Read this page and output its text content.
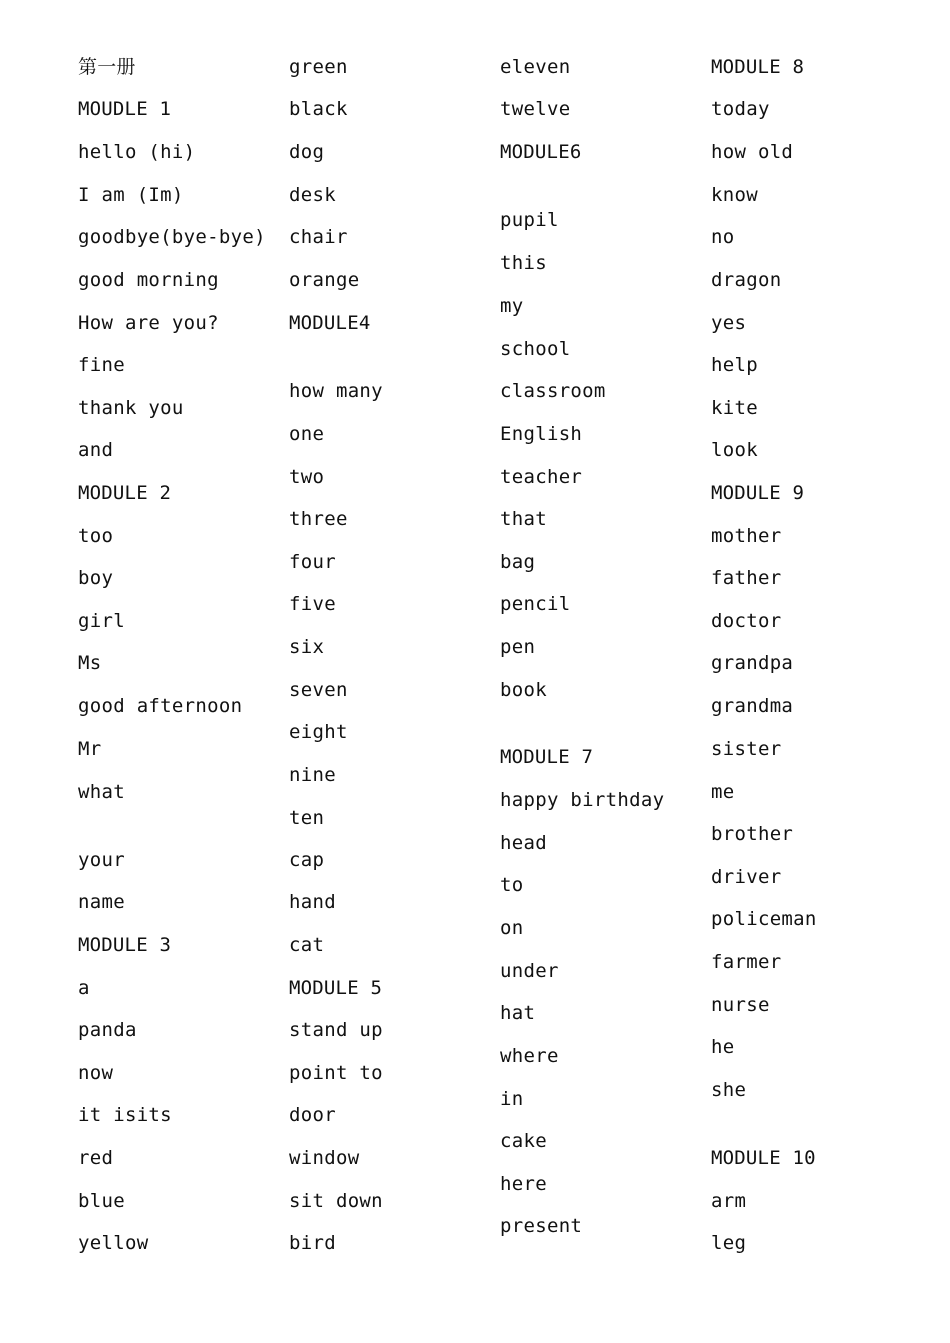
第一册
MOUDLE 1
hello (hi)
I am (Im)
goodbye(bye-bye)
good morning
How are you?
fine
thank you
and
MODULE 2
too
boy
girl
Ms
good afternoon
Mr
what
your
name
MODULE 3
a
panda
now
it isits
red
blue
yellow
green
black
dog
desk
chair
orange
MODULE4
how many
one
two
three
four
five
six
seven
eight
nine
ten
cap
hand
cat
MODULE 5
stand up
point to
door
window
sit down
bird
eleven
twelve
MODULE6
pupil
this
my
school
classroom
English
teacher
that
bag
pencil
pen
book
MODULE 7
happy birthday
head
to
on
under
hat
where
in
cake
here
present
MODULE 8
today
how old
know
no
dragon
yes
help
kite
look
MODULE 9
mother
father
doctor
grandpa
grandma
sister
me
brother
driver
policeman
farmer
nurse
he
she
MODULE 10
arm
leg
